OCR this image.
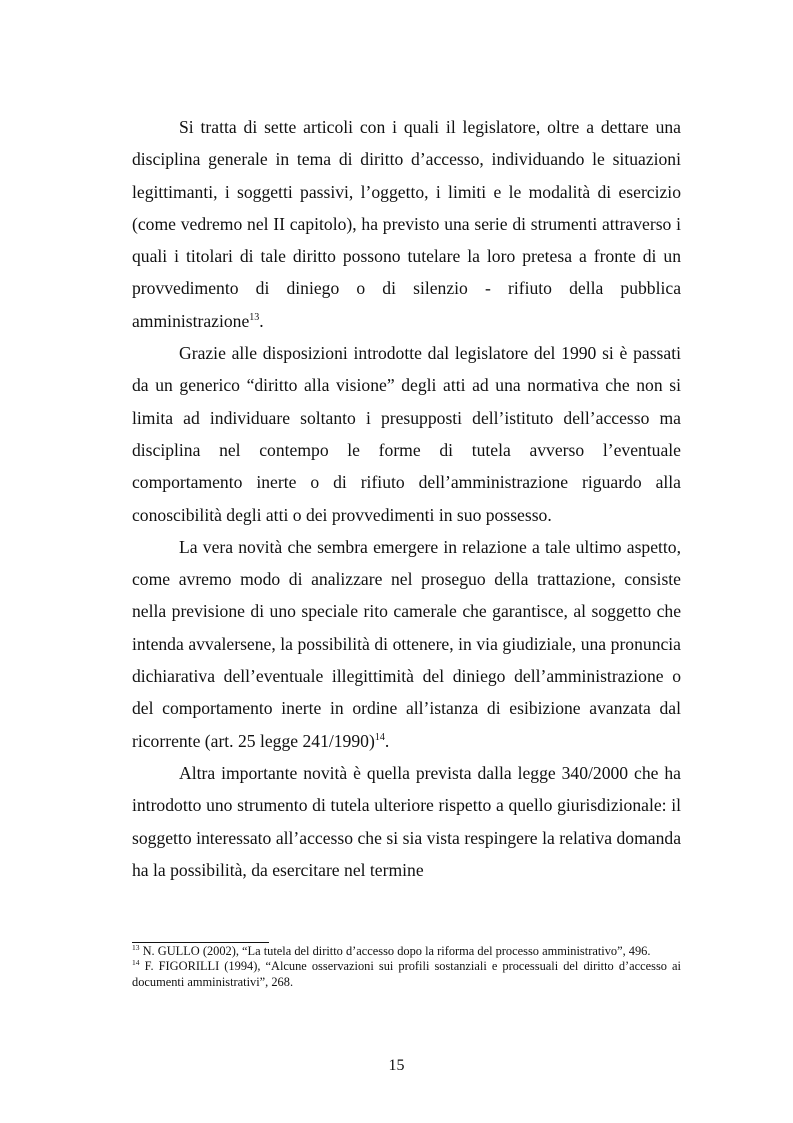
Si tratta di sette articoli con i quali il legislatore, oltre a dettare una disciplina generale in tema di diritto d’accesso, individuando le situazioni legittimanti, i soggetti passivi, l’oggetto, i limiti e le modalità di esercizio (come vedremo nel II capitolo), ha previsto una serie di strumenti attraverso i quali i titolari di tale diritto possono tutelare la loro pretesa a fronte di un provvedimento di diniego o di silenzio - rifiuto della pubblica amministrazione$^{13}$.

Grazie alle disposizioni introdotte dal legislatore del 1990 si è passati da un generico “diritto alla visione” degli atti ad una normativa che non si limita ad individuare soltanto i presupposti dell’istituto dell’accesso ma disciplina nel contempo le forme di tutela avverso l’eventuale comportamento inerte o di rifiuto dell’amministrazione riguardo alla conoscibilità degli atti o dei provvedimenti in suo possesso.

La vera novità che sembra emergere in relazione a tale ultimo aspetto, come avremo modo di analizzare nel proseguo della trattazione, consiste nella previsione di uno speciale rito camerale che garantisce, al soggetto che intenda avvalersene, la possibilità di ottenere, in via giudiziale, una pronuncia dichiarativa dell’eventuale illegittimità del diniego dell’amministrazione o del comportamento inerte in ordine all’istanza di esibizione avanzata dal ricorrente (art. 25 legge 241/1990)$^{14}$.

Altra importante novità è quella prevista dalla legge 340/2000 che ha introdotto uno strumento di tutela ulteriore rispetto a quello giurisdizionale: il soggetto interessato all’accesso che si sia vista respingere la relativa domanda ha la possibilità, da esercitare nel termine

$^{13}$ N. GULLO (2002), “La tutela del diritto d’accesso dopo la riforma del processo amministrativo”, 496.

$^{14}$ F. FIGORILLI (1994), “Alcune osservazioni sui profili sostanziali e processuali del diritto d’accesso ai documenti amministrativi”, 268.

15
